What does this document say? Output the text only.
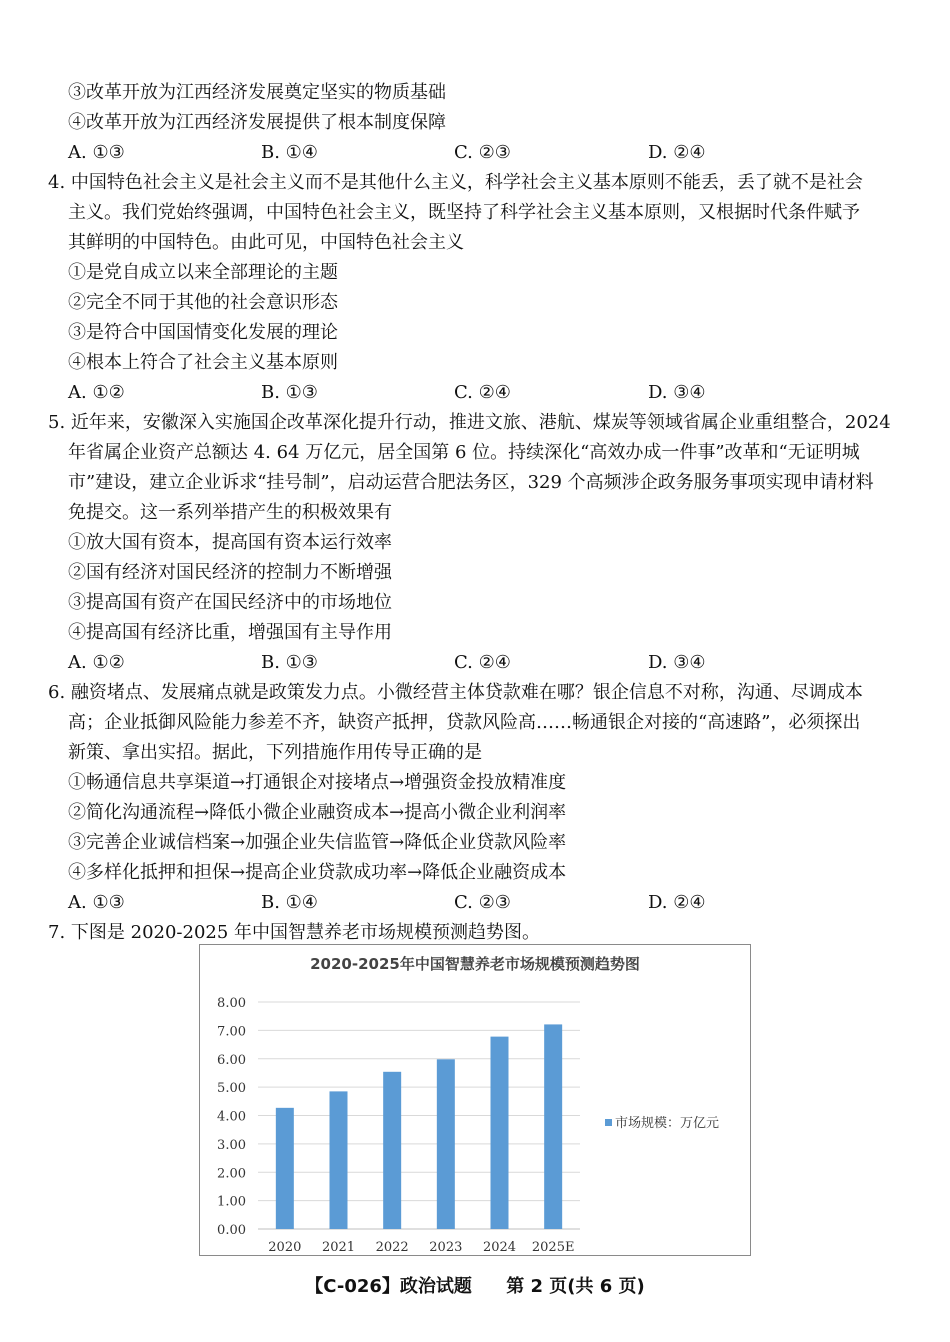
③改革开放为江西经济发展奠定坚实的物质基础
④改革开放为江西经济发展提供了根本制度保障
A. ①③	B. ①④	C. ②③	D. ②④
4. 中国特色社会主义是社会主义而不是其他什么主义，科学社会主义基本原则不能丢，丢了就不是社会
主义。我们党始终强调，中国特色社会主义，既坚持了科学社会主义基本原则，又根据时代条件赋予
其鲜明的中国特色。由此可见，中国特色社会主义
①是党自成立以来全部理论的主题
②完全不同于其他的社会意识形态
③是符合中国国情变化发展的理论
④根本上符合了社会主义基本原则
A. ①②	B. ①③	C. ②④	D. ③④
5. 近年来，安徽深入实施国企改革深化提升行动，推进文旅、港航、煤炭等领域省属企业重组整合，2024
年省属企业资产总额达 4. 64 万亿元，居全国第 6 位。持续深化“高效办成一件事”改革和“无证明城
市”建设，建立企业诉求“挂号制”，启动运营合肥法务区，329 个高频涉企政务服务事项实现申请材料
免提交。这一系列举措产生的积极效果有
①放大国有资本，提高国有资本运行效率
②国有经济对国民经济的控制力不断增强
③提高国有资产在国民经济中的市场地位
④提高国有经济比重，增强国有主导作用
A. ①②	B. ①③	C. ②④	D. ③④
6. 融资堵点、发展痛点就是政策发力点。小微经营主体贷款难在哪？银企信息不对称，沟通、尽调成本
高；企业抵御风险能力参差不齐，缺资产抵押，贷款风险高……畅通银企对接的“高速路”，必须探出
新策、拿出实招。据此，下列措施作用传导正确的是
①畅通信息共享渠道→打通银企对接堵点→增强资金投放精准度
②简化沟通流程→降低小微企业融资成本→提高小微企业利润率
③完善企业诚信档案→加强企业失信监管→降低企业贷款风险率
④多样化抵押和担保→提高企业贷款成功率→降低企业融资成本
A. ①③	B. ①④	C. ②③	D. ②④
7. 下图是 2020-2025 年中国智慧养老市场规模预测趋势图。
2020-2025年中国智慧养老市场规模预测趋势图
0.00
1.00
2.00
3.00
4.00
5.00
6.00
7.00
8.00
2020 2021 2022 2023 2024 2025E
市场规模：万亿元
【C-026】政治试题 第 2 页(共 6 页)
